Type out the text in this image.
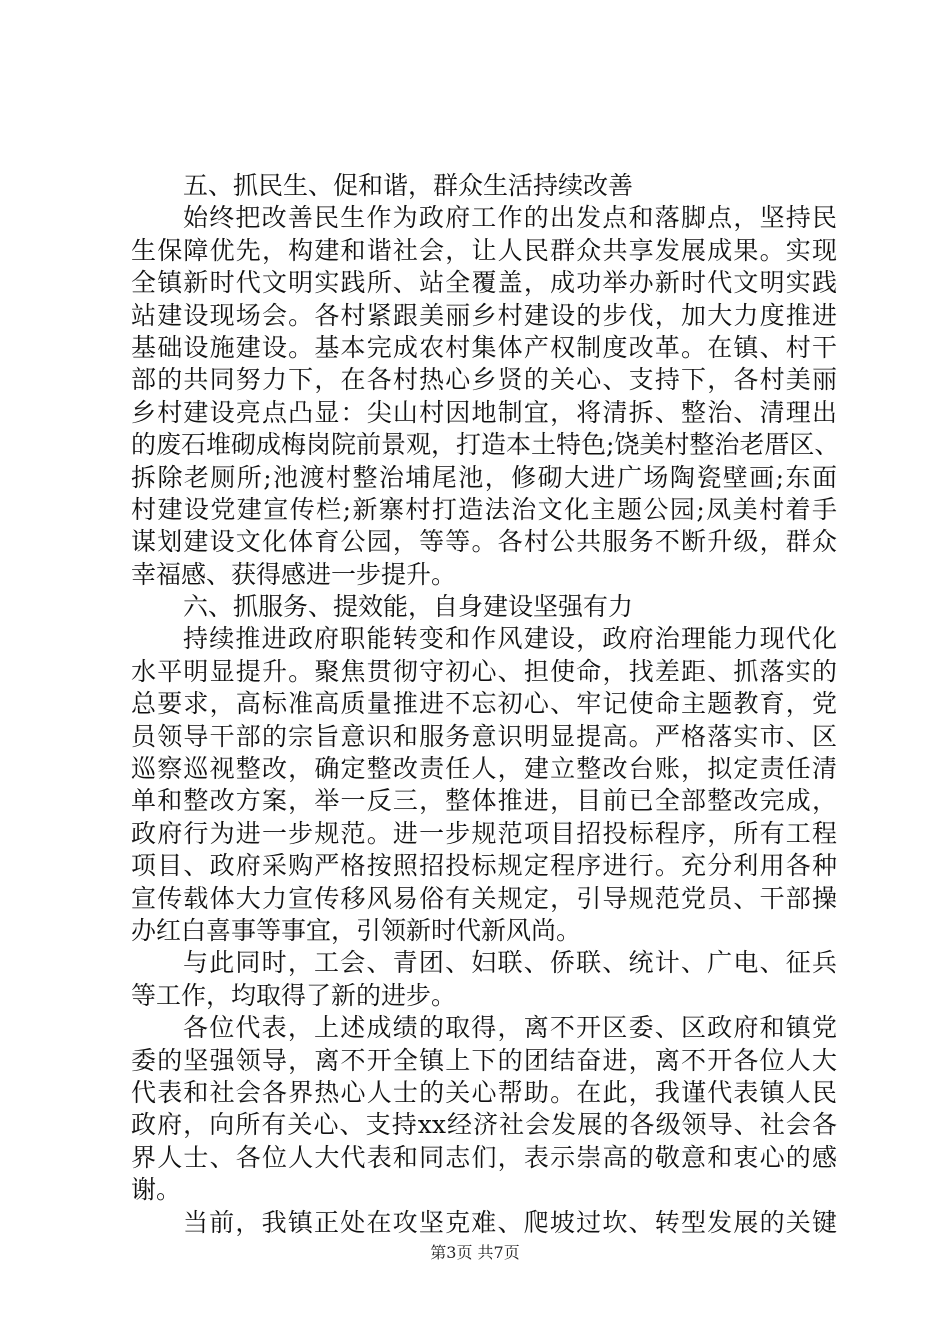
五、抓民生、促和谐，群众生活持续改善
始终把改善民生作为政府工作的出发点和落脚点，坚持民
生保障优先，构建和谐社会，让人民群众共享发展成果。实现
全镇新时代文明实践所、站全覆盖，成功举办新时代文明实践
站建设现场会。各村紧跟美丽乡村建设的步伐，加大力度推进
基础设施建设。基本完成农村集体产权制度改革。在镇、村干
部的共同努力下，在各村热心乡贤的关心、支持下，各村美丽
乡村建设亮点凸显：尖山村因地制宜，将清拆、整治、清理出
的废石堆砌成梅岗院前景观，打造本土特色;饶美村整治老厝区、
拆除老厕所;池渡村整治埔尾池，修砌大进广场陶瓷壁画;东面
村建设党建宣传栏;新寨村打造法治文化主题公园;凤美村着手
谋划建设文化体育公园，等等。各村公共服务不断升级，群众
幸福感、获得感进一步提升。
六、抓服务、提效能，自身建设坚强有力
持续推进政府职能转变和作风建设，政府治理能力现代化
水平明显提升。聚焦贯彻守初心、担使命，找差距、抓落实的
总要求，高标准高质量推进不忘初心、牢记使命主题教育，党
员领导干部的宗旨意识和服务意识明显提高。严格落实市、区
巡察巡视整改，确定整改责任人，建立整改台账，拟定责任清
单和整改方案，举一反三，整体推进，目前已全部整改完成，
政府行为进一步规范。进一步规范项目招投标程序，所有工程
项目、政府采购严格按照招投标规定程序进行。充分利用各种
宣传载体大力宣传移风易俗有关规定，引导规范党员、干部操
办红白喜事等事宜，引领新时代新风尚。
与此同时，工会、青团、妇联、侨联、统计、广电、征兵
等工作，均取得了新的进步。
各位代表，上述成绩的取得，离不开区委、区政府和镇党
委的坚强领导，离不开全镇上下的团结奋进，离不开各位人大
代表和社会各界热心人士的关心帮助。在此，我谨代表镇人民
政府，向所有关心、支持xx经济社会发展的各级领导、社会各
界人士、各位人大代表和同志们，表示崇高的敬意和衷心的感
谢。
当前，我镇正处在攻坚克难、爬坡过坎、转型发展的关键
第3页 共7页
